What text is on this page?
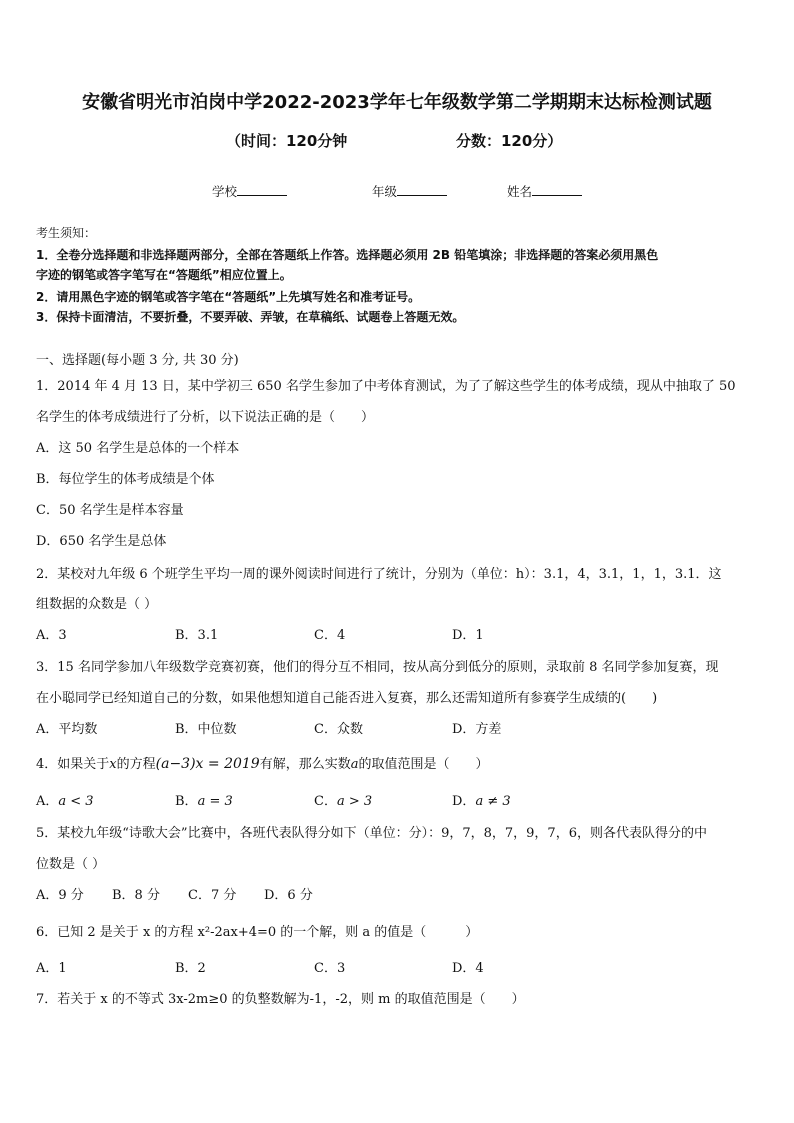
安徽省明光市泊岗中学2022-2023学年七年级数学第二学期期末达标检测试题
（时间：120分钟	分数：120分）
学校	年级	姓名
考生须知：
1．全卷分选择题和非选择题两部分，全部在答题纸上作答。选择题必须用 2B 铅笔填涂；非选择题的答案必须用黑色
字迹的钢笔或答字笔写在“答题纸”相应位置上。
2．请用黑色字迹的钢笔或答字笔在“答题纸”上先填写姓名和准考证号。
3．保持卡面清洁，不要折叠，不要弄破、弄皱，在草稿纸、试题卷上答题无效。
一、选择题(每小题 3 分, 共 30 分)
1．2014 年 4 月 13 日，某中学初三 650 名学生参加了中考体育测试，为了了解这些学生的体考成绩，现从中抽取了 50
名学生的体考成绩进行了分析，以下说法正确的是（　　）
A．这 50 名学生是总体的一个样本
B．每位学生的体考成绩是个体
C．50 名学生是样本容量
D．650 名学生是总体
2．某校对九年级 6 个班学生平均一周的课外阅读时间进行了统计，分别为（单位：h）：3.1，4，3.1，1，1，3.1．这
组数据的众数是（ ）
A．3	B．3.1	C．4	D．1
3．15 名同学参加八年级数学竞赛初赛，他们的得分互不相同，按从高分到低分的原则，录取前 8 名同学参加复赛，现
在小聪同学已经知道自己的分数，如果他想知道自己能否进入复赛，那么还需知道所有参赛学生成绩的(　　)
A．平均数	B．中位数	C．众数	D．方差
4．如果关于x的方程(a−3)x = 2019有解，那么实数a的取值范围是（　　）
A．a < 3	B．a = 3	C．a > 3	D．a ≠ 3
5．某校九年级“诗歌大会”比赛中，各班代表队得分如下（单位：分）：9，7，8，7，9，7，6，则各代表队得分的中
位数是（ ）
A．9 分 B．8 分 C．7 分 D．6 分
6．已知 2 是关于 x 的方程 x²-2ax+4=0 的一个解，则 a 的值是（　　　）
A．1	B．2	C．3	D．4
7．若关于 x 的不等式 3x-2m≥0 的负整数解为-1，-2，则 m 的取值范围是（　　）
